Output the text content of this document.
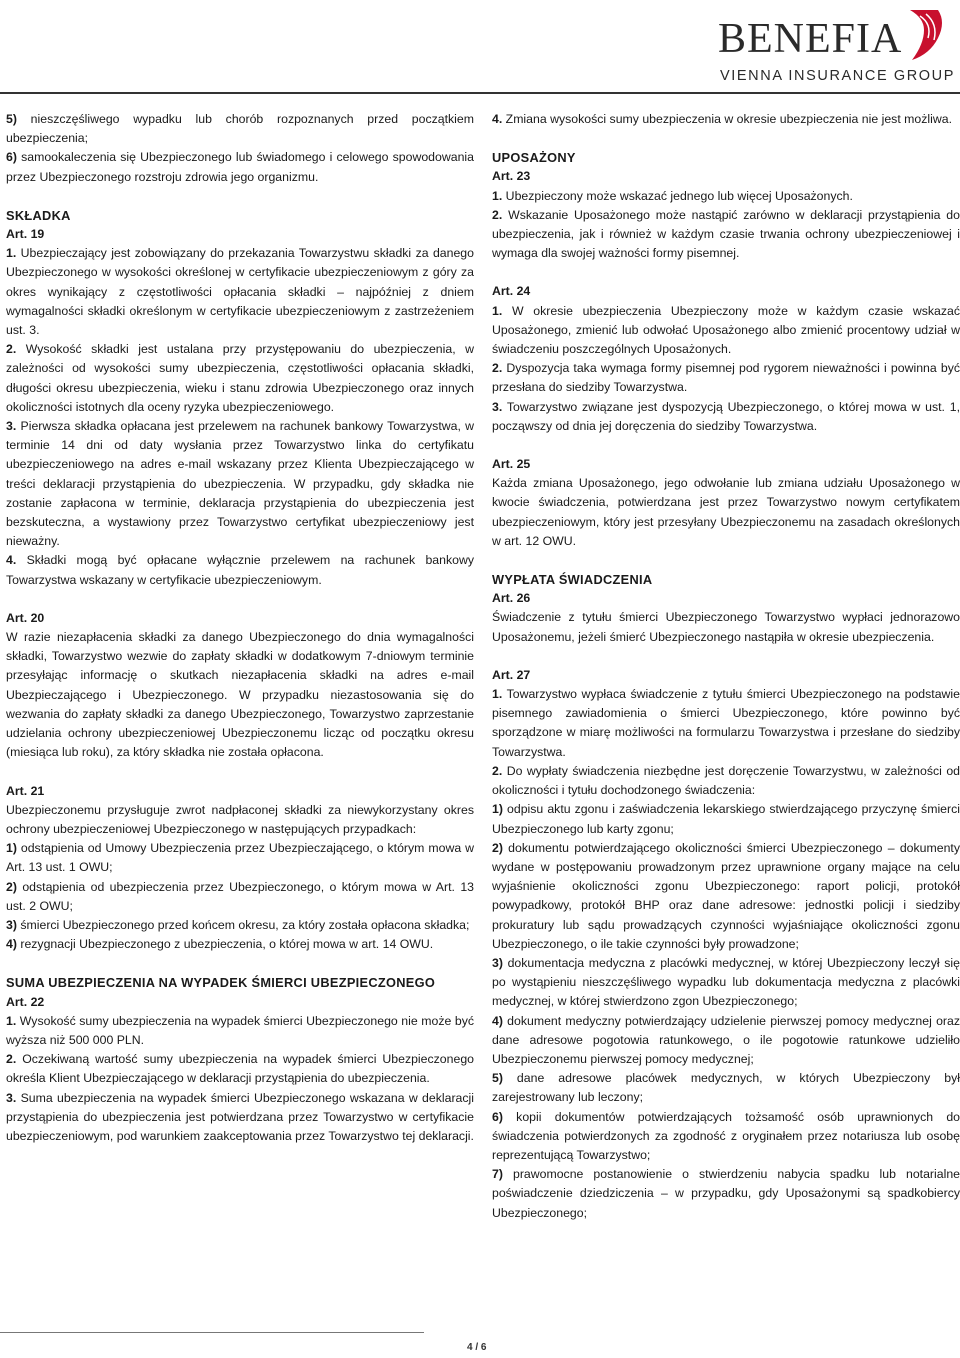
BENEFIA
VIENNA INSURANCE GROUP

5) nieszczęśliwego wypadku lub chorób rozpoznanych przed początkiem ubezpieczenia;

6) samookaleczenia się Ubezpieczonego lub świadomego i celowego spowodowania przez Ubezpieczonego rozstroju zdrowia jego organizmu.

SKŁADKA

Art. 19

1. Ubezpieczający jest zobowiązany do przekazania Towarzystwu składki za danego Ubezpieczonego w wysokości określonej w certyfikacie ubezpieczeniowym z góry za okres wynikający z częstotliwości opłacania składki – najpóźniej z dniem wymagalności składki określonym w certyfikacie ubezpieczeniowym z zastrzeżeniem ust. 3.

2. Wysokość składki jest ustalana przy przystępowaniu do ubezpieczenia, w zależności od wysokości sumy ubezpieczenia, częstotliwości opłacania składki, długości okresu ubezpieczenia, wieku i stanu zdrowia Ubezpieczonego oraz innych okoliczności istotnych dla oceny ryzyka ubezpieczeniowego.

3. Pierwsza składka opłacana jest przelewem na rachunek bankowy Towarzystwa, w terminie 14 dni od daty wysłania przez Towarzystwo linka do certyfikatu ubezpieczeniowego na adres e-mail wskazany przez Klienta Ubezpieczającego w treści deklaracji przystąpienia do ubezpieczenia. W przypadku, gdy składka nie zostanie zapłacona w terminie, deklaracja przystąpienia do ubezpieczenia jest bezskuteczna, a wystawiony przez Towarzystwo certyfikat ubezpieczeniowy jest nieważny.

4. Składki mogą być opłacane wyłącznie przelewem na rachunek bankowy Towarzystwa wskazany w certyfikacie ubezpieczeniowym.

Art. 20

W razie niezapłacenia składki za danego Ubezpieczonego do dnia wymagalności składki, Towarzystwo wezwie do zapłaty składki w dodatkowym 7-dniowym terminie przesyłając informację o skutkach niezapłacenia składki na adres e-mail Ubezpieczającego i Ubezpieczonego. W przypadku niezastosowania się do wezwania do zapłaty składki za danego Ubezpieczonego, Towarzystwo zaprzestanie udzielania ochrony ubezpieczeniowej Ubezpieczonemu licząc od początku okresu (miesiąca lub roku), za który składka nie została opłacona.

Art. 21

Ubezpieczonemu przysługuje zwrot nadpłaconej składki za niewykorzystany okres ochrony ubezpieczeniowej Ubezpieczonego w następujących przypadkach:

1) odstąpienia od Umowy Ubezpieczenia przez Ubezpieczającego, o którym mowa w Art. 13 ust. 1 OWU;

2) odstąpienia od ubezpieczenia przez Ubezpieczonego, o którym mowa w Art. 13 ust. 2 OWU;

3) śmierci Ubezpieczonego przed końcem okresu, za który została opłacona składka;

4) rezygnacji Ubezpieczonego z ubezpieczenia, o której mowa w art. 14 OWU.

SUMA UBEZPIECZENIA NA WYPADEK ŚMIERCI UBEZPIECZONEGO

Art. 22

1. Wysokość sumy ubezpieczenia na wypadek śmierci Ubezpieczonego nie może być wyższa niż 500 000 PLN.

2. Oczekiwaną wartość sumy ubezpieczenia na wypadek śmierci Ubezpieczonego określa Klient Ubezpieczającego w deklaracji przystąpienia do ubezpieczenia.

3. Suma ubezpieczenia na wypadek śmierci Ubezpieczonego wskazana w deklaracji przystąpienia do ubezpieczenia jest potwierdzana przez Towarzystwo w certyfikacie ubezpieczeniowym, pod warunkiem zaakceptowania przez Towarzystwo tej deklaracji.

4. Zmiana wysokości sumy ubezpieczenia w okresie ubezpieczenia nie jest możliwa.

UPOSAŻONY

Art. 23

1. Ubezpieczony może wskazać jednego lub więcej Uposażonych.

2. Wskazanie Uposażonego może nastąpić zarówno w deklaracji przystąpienia do ubezpieczenia, jak i również w każdym czasie trwania ochrony ubezpieczeniowej i wymaga dla swojej ważności formy pisemnej.

Art. 24

1. W okresie ubezpieczenia Ubezpieczony może w każdym czasie wskazać Uposażonego, zmienić lub odwołać Uposażonego albo zmienić procentowy udział w świadczeniu poszczególnych Uposażonych.

2. Dyspozycja taka wymaga formy pisemnej pod rygorem nieważności i powinna być przesłana do siedziby Towarzystwa.

3. Towarzystwo związane jest dyspozycją Ubezpieczonego, o której mowa w ust. 1, począwszy od dnia jej doręczenia do siedziby Towarzystwa.

Art. 25

Każda zmiana Uposażonego, jego odwołanie lub zmiana udziału Uposażonego w kwocie świadczenia, potwierdzana jest przez Towarzystwo nowym certyfikatem ubezpieczeniowym, który jest przesyłany Ubezpieczonemu na zasadach określonych w art. 12 OWU.

WYPŁATA ŚWIADCZENIA

Art. 26

Świadczenie z tytułu śmierci Ubezpieczonego Towarzystwo wypłaci jednorazowo Uposażonemu, jeżeli śmierć Ubezpieczonego nastąpiła w okresie ubezpieczenia.

Art. 27

1. Towarzystwo wypłaca świadczenie z tytułu śmierci Ubezpieczonego na podstawie pisemnego zawiadomienia o śmierci Ubezpieczonego, które powinno być sporządzone w miarę możliwości na formularzu Towarzystwa i przesłane do siedziby Towarzystwa.

2. Do wypłaty świadczenia niezbędne jest doręczenie Towarzystwu, w zależności od okoliczności i tytułu dochodzonego świadczenia:

1) odpisu aktu zgonu i zaświadczenia lekarskiego stwierdzającego przyczynę śmierci Ubezpieczonego lub karty zgonu;

2) dokumentu potwierdzającego okoliczności śmierci Ubezpieczonego – dokumenty wydane w postępowaniu prowadzonym przez uprawnione organy mające na celu wyjaśnienie okoliczności zgonu Ubezpieczonego: raport policji, protokół powypadkowy, protokół BHP oraz dane adresowe: jednostki policji i siedziby prokuratury lub sądu prowadzących czynności wyjaśniające okoliczności zgonu Ubezpieczonego, o ile takie czynności były prowadzone;

3) dokumentacja medyczna z placówki medycznej, w której Ubezpieczony leczył się po wystąpieniu nieszczęśliwego wypadku lub dokumentacja medyczna z placówki medycznej, w której stwierdzono zgon Ubezpieczonego;

4) dokument medyczny potwierdzający udzielenie pierwszej pomocy medycznej oraz dane adresowe pogotowia ratunkowego, o ile pogotowie ratunkowe udzieliło Ubezpieczonemu pierwszej pomocy medycznej;

5) dane adresowe placówek medycznych, w których Ubezpieczony był zarejestrowany lub leczony;

6) kopii dokumentów potwierdzających tożsamość osób uprawnionych do świadczenia potwierdzonych za zgodność z oryginałem przez notariusza lub osobę reprezentującą Towarzystwo;

7) prawomocne postanowienie o stwierdzeniu nabycia spadku lub notarialne poświadczenie dziedziczenia – w przypadku, gdy Uposażonymi są spadkobiercy Ubezpieczonego;

4 / 6
